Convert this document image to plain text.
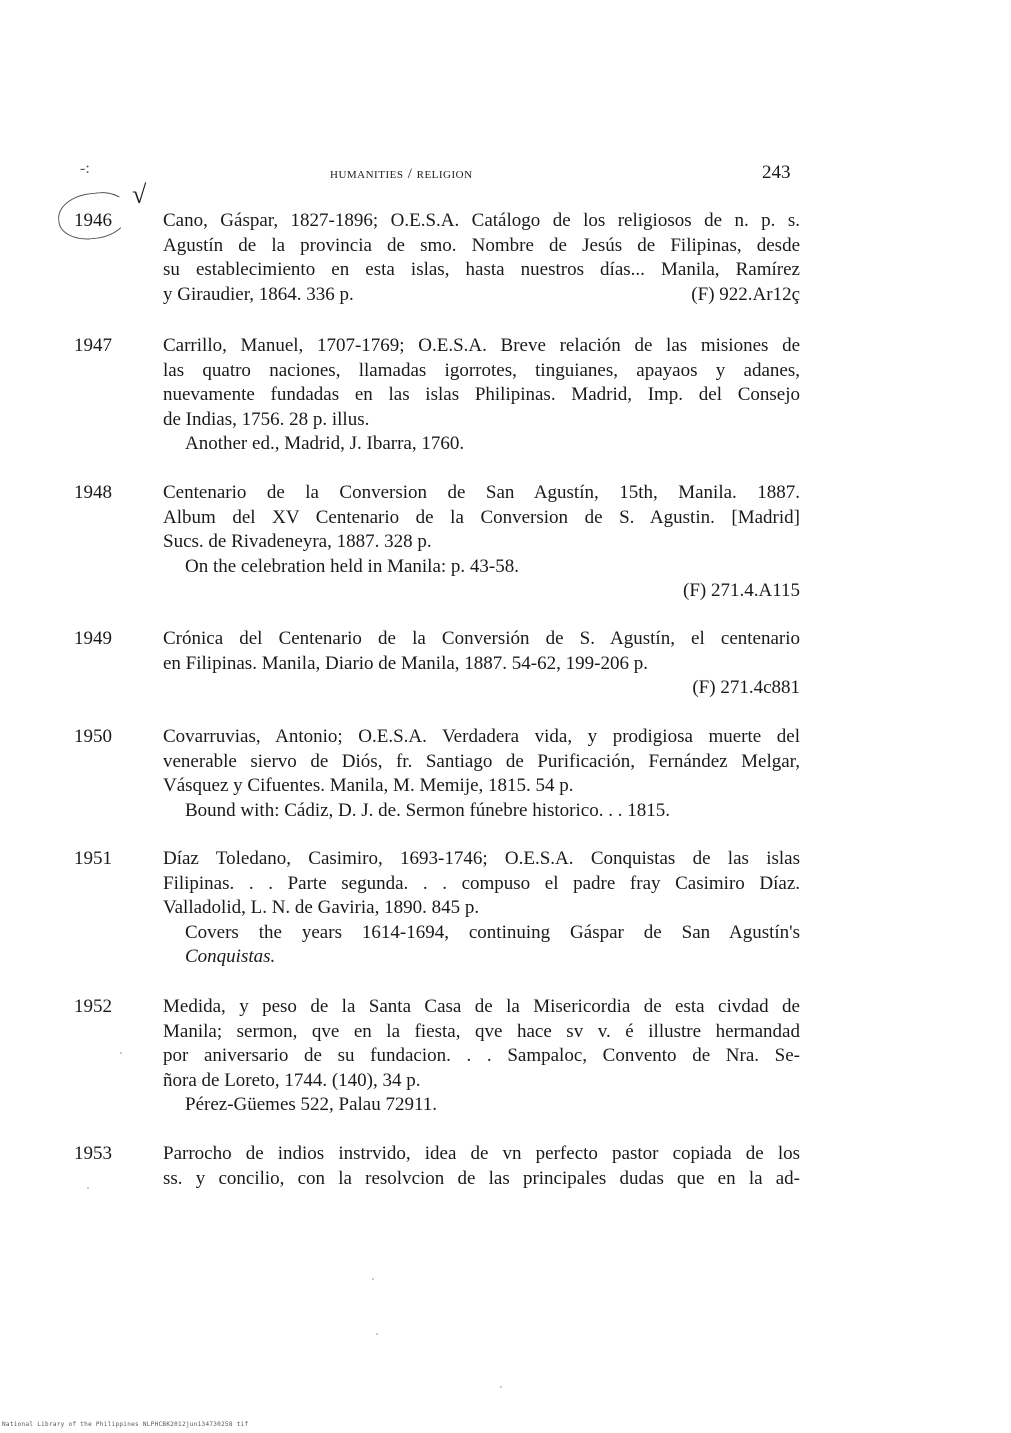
-:
√
humanities / religion	243
1946	Cano, Gáspar, 1827-1896; O.E.S.A. Catálogo de los religiosos de n. p. s.
Agustín de la provincia de smo. Nombre de Jesús de Filipinas, desde
su establecimiento en esta islas, hasta nuestros días... Manila, Ramírez
y Giraudier, 1864. 336 p.	(F) 922.Ar12ç
1947	Carrillo, Manuel, 1707-1769; O.E.S.A. Breve relación de las misiones de
las quatro naciones, llamadas igorrotes, tinguianes, apayaos y adanes,
nuevamente fundadas en las islas Philipinas. Madrid, Imp. del Consejo
de Indias, 1756. 28 p. illus.
Another ed., Madrid, J. Ibarra, 1760.
1948	Centenario de la Conversion de San Agustín, 15th, Manila. 1887.
Album del XV Centenario de la Conversion de S. Agustin. [Madrid]
Sucs. de Rivadeneyra, 1887. 328 p.
On the celebration held in Manila: p. 43-58.
(F) 271.4.A115
1949	Crónica del Centenario de la Conversión de S. Agustín, el centenario
en Filipinas. Manila, Diario de Manila, 1887. 54-62, 199-206 p.
(F) 271.4c881
1950	Covarruvias, Antonio; O.E.S.A. Verdadera vida, y prodigiosa muerte del
venerable siervo de Diós, fr. Santiago de Purificación, Fernández Melgar,
Vásquez y Cifuentes. Manila, M. Memije, 1815. 54 p.
Bound with: Cádiz, D. J. de. Sermon fúnebre historico. . . 1815.
1951	Díaz Toledano, Casimiro, 1693-1746; O.E.S.A. Conquistas de las islas
Filipinas. . . Parte segunda. . . compuso el padre fray Casimiro Díaz.
Valladolid, L. N. de Gaviria, 1890. 845 p.
Covers the years 1614-1694, continuing Gáspar de San Agustín's
Conquistas.
1952	Medida, y peso de la Santa Casa de la Misericordia de esta civdad de
Manila; sermon, qve en la fiesta, qve hace sv v. é illustre hermandad
por aniversario de su fundacion. . . Sampaloc, Convento de Nra. Se-
ñora de Loreto, 1744. (140), 34 p.
Pérez-Güemes 522, Palau 72911.
1953	Parrocho de indios instrvido, idea de vn perfecto pastor copiada de los
ss. y concilio, con la resolvcion de las principales dudas que en la ad-
National Library of the Philippines NLPHCBK2012jun134730258 tif
